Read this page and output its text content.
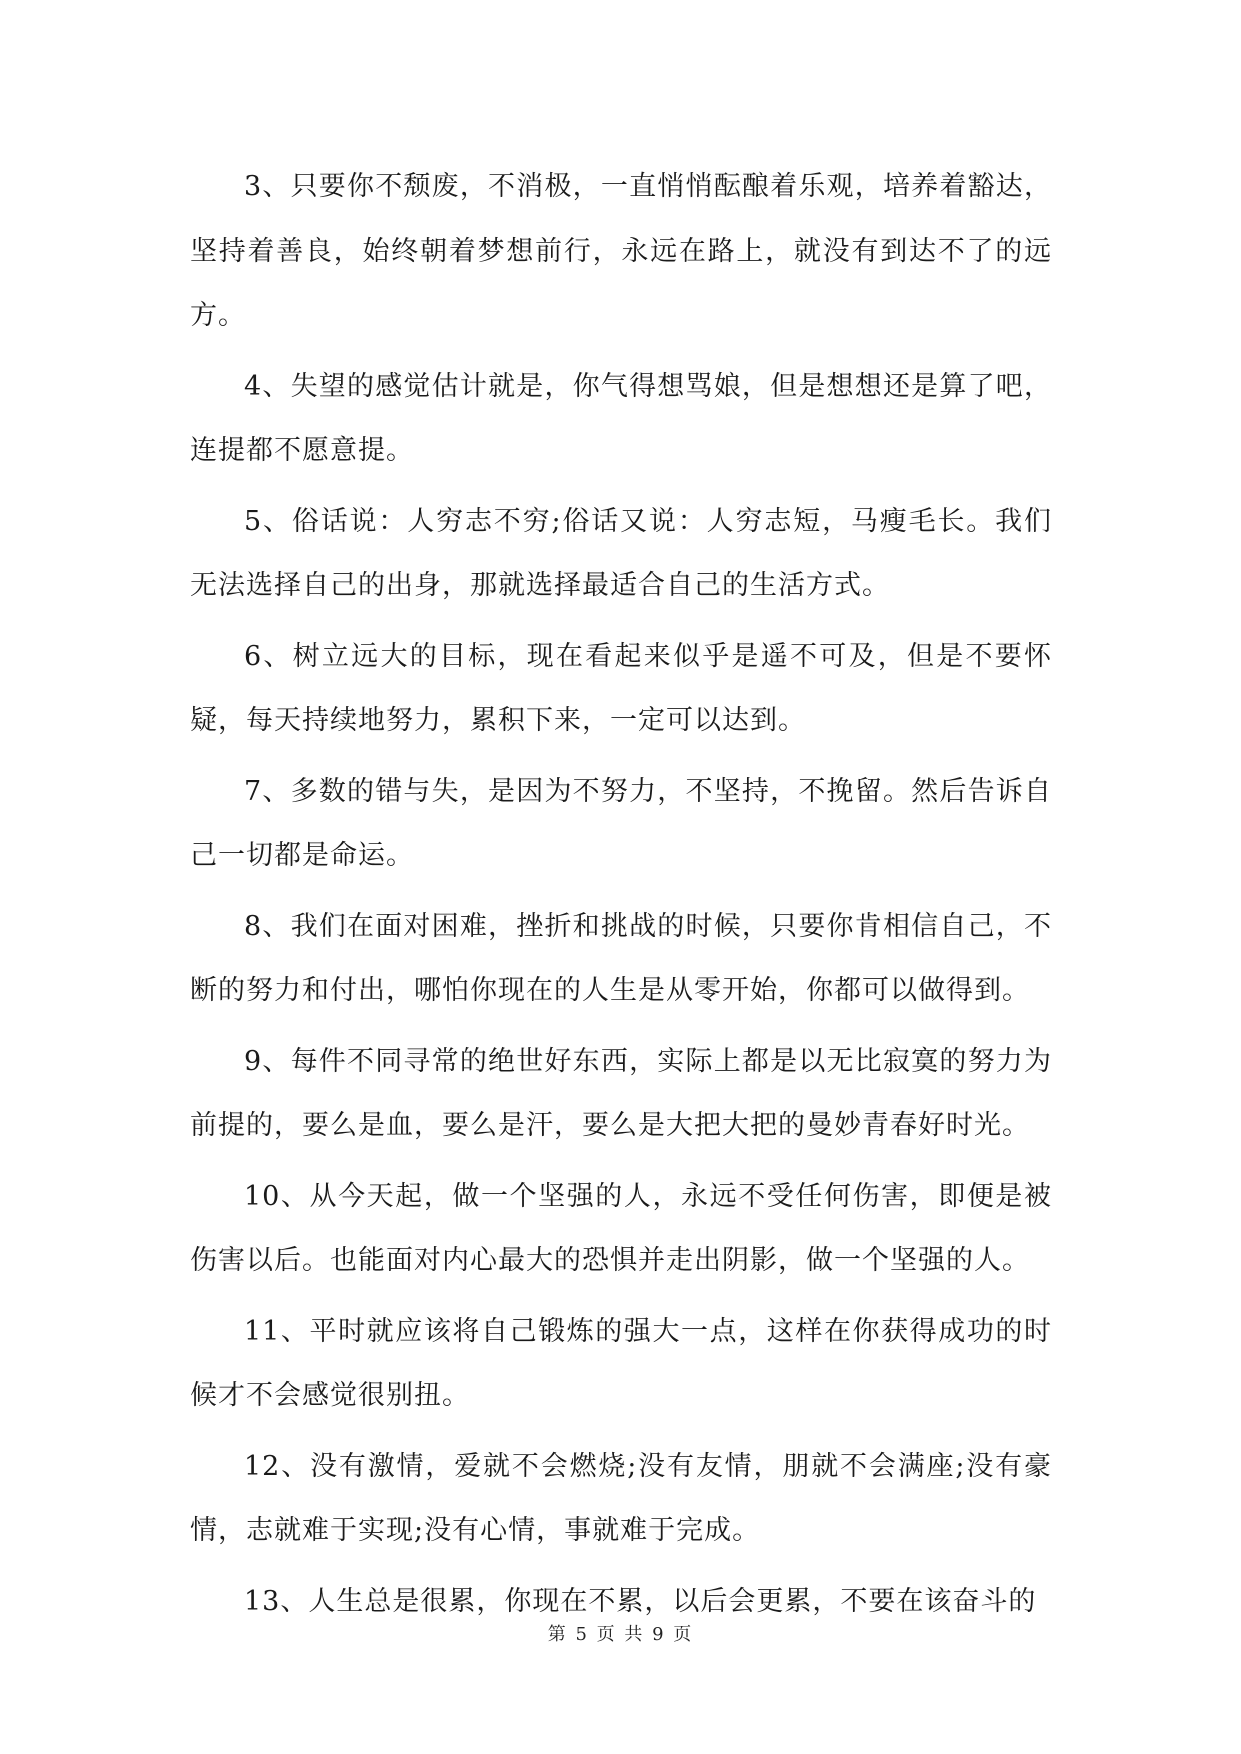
3、只要你不颓废，不消极，一直悄悄酝酿着乐观，培养着豁达，坚持着善良，始终朝着梦想前行，永远在路上，就没有到达不了的远方。

4、失望的感觉估计就是，你气得想骂娘，但是想想还是算了吧，连提都不愿意提。

5、俗话说：人穷志不穷;俗话又说：人穷志短，马瘦毛长。我们无法选择自己的出身，那就选择最适合自己的生活方式。

6、树立远大的目标，现在看起来似乎是遥不可及，但是不要怀疑，每天持续地努力，累积下来，一定可以达到。

7、多数的错与失，是因为不努力，不坚持，不挽留。然后告诉自己一切都是命运。

8、我们在面对困难，挫折和挑战的时候，只要你肯相信自己，不断的努力和付出，哪怕你现在的人生是从零开始，你都可以做得到。

9、每件不同寻常的绝世好东西，实际上都是以无比寂寞的努力为前提的，要么是血，要么是汗，要么是大把大把的曼妙青春好时光。

10、从今天起，做一个坚强的人，永远不受任何伤害，即便是被伤害以后。也能面对内心最大的恐惧并走出阴影，做一个坚强的人。

11、平时就应该将自己锻炼的强大一点，这样在你获得成功的时候才不会感觉很别扭。

12、没有激情，爱就不会燃烧;没有友情，朋就不会满座;没有豪情，志就难于实现;没有心情，事就难于完成。

13、人生总是很累，你现在不累，以后会更累，不要在该奋斗的

第 5 页 共 9 页
